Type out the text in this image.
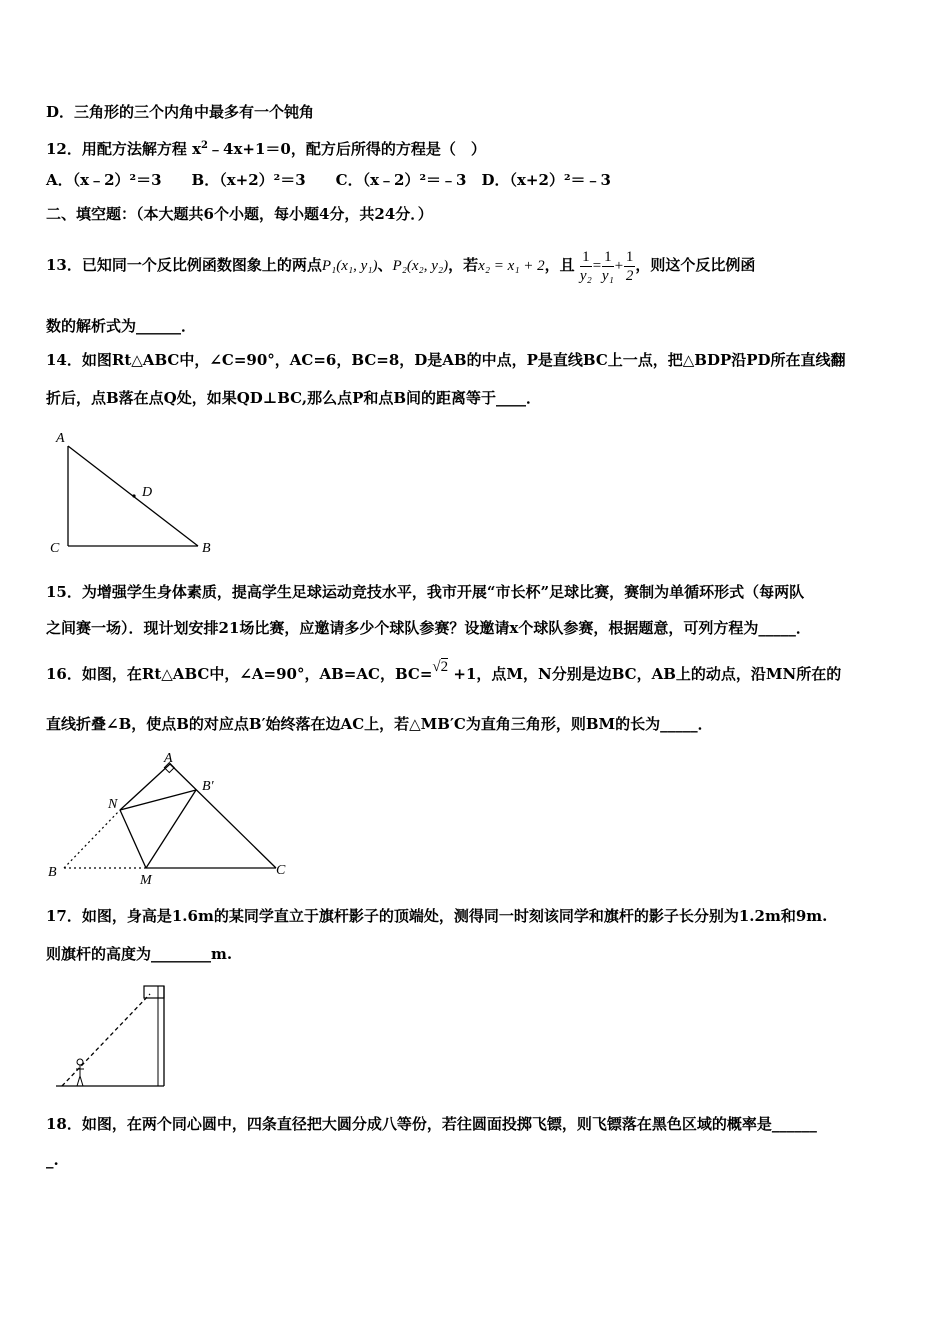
D．三角形的三个内角中最多有一个钝角
12．用配方法解方程 $x^2﹣4x+1=0$，配方后所得的方程是（　）
A．（x﹣2）²＝3　　B．（x+2）²＝3　　C．（x﹣2）²＝﹣3　D．（x+2）²＝﹣3
二、填空题：（本大题共6个小题，每小题4分，共24分．）
13．已知同一个反比例函数图象上的两点P₁(x₁, y₁)、P₂(x₂, y₂)，若x₂ = x₁ + 2，且 $\frac{1}{\text{y₂}} = \frac{1}{\text{y₁}} + \frac{1}{2}$ ，则这个反比例函
数的解析式为______．
14．如图Rt△ABC中，∠C=90°，AC=6，BC=8，D是AB的中点，P是直线BC上一点，把△BDP沿PD所在直线翻
折后，点B落在点Q处，如果QD⊥BC,那么点P和点B间的距离等于____．
A
C	B
D
15．为增强学生身体素质，提高学生足球运动竞技水平，我市开展“市长杯”足球比赛，赛制为单循环形式（每两队
之间赛一场）．现计划安排21场比赛，应邀请多少个球队参赛？设邀请x个球队参赛，根据题意，可列方程为_____．
16．如图，在Rt△ABC中，∠A=90°，AB=AC，BC=√2 +1，点M，N分别是边BC，AB上的动点，沿MN所在的
直线折叠∠B，使点B的对应点B′始终落在边AC上，若△MB′C为直角三角形，则BM的长为_____．
A
N
B′
B
M
C
17．如图，身高是1.6m的某同学直立于旗杆影子的顶端处，测得同一时刻该同学和旗杆的影子长分别为1.2m和9m.
则旗杆的高度为________m.
18．如图，在两个同心圆中，四条直径把大圆分成八等份，若往圆面投掷飞镖，则飞镖落在黑色区域的概率是______
_.
